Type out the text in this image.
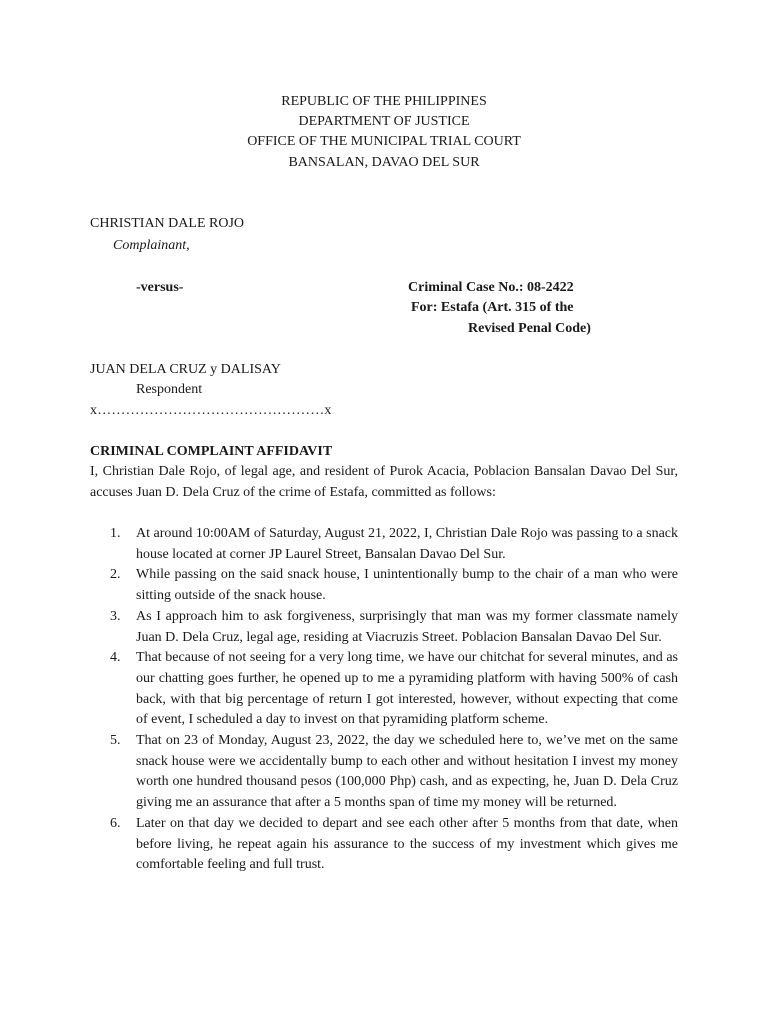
REPUBLIC OF THE PHILIPPINES
DEPARTMENT OF JUSTICE
OFFICE OF THE MUNICIPAL TRIAL COURT
BANSALAN, DAVAO DEL SUR
CHRISTIAN DALE ROJO
Complainant,
-versus-	Criminal Case No.: 08-2422
For: Estafa (Art. 315 of the
Revised Penal Code)
JUAN DELA CRUZ y DALISAY
Respondent
x…………………………………………x
CRIMINAL COMPLAINT AFFIDAVIT
I, Christian Dale Rojo, of legal age, and resident of Purok Acacia, Poblacion Bansalan Davao Del Sur, accuses Juan D. Dela Cruz of the crime of Estafa, committed as follows:
1. At around 10:00AM of Saturday, August 21, 2022, I, Christian Dale Rojo was passing to a snack house located at corner JP Laurel Street, Bansalan Davao Del Sur.
2. While passing on the said snack house, I unintentionally bump to the chair of a man who were sitting outside of the snack house.
3. As I approach him to ask forgiveness, surprisingly that man was my former classmate namely Juan D. Dela Cruz, legal age, residing at Viacruzis Street. Poblacion Bansalan Davao Del Sur.
4. That because of not seeing for a very long time, we have our chitchat for several minutes, and as our chatting goes further, he opened up to me a pyramiding platform with having 500% of cash back, with that big percentage of return I got interested, however, without expecting that come of event, I scheduled a day to invest on that pyramiding platform scheme.
5. That on 23 of Monday, August 23, 2022, the day we scheduled here to, we’ve met on the same snack house were we accidentally bump to each other and without hesitation I invest my money worth one hundred thousand pesos (100,000 Php) cash, and as expecting, he, Juan D. Dela Cruz giving me an assurance that after a 5 months span of time my money will be returned.
6. Later on that day we decided to depart and see each other after 5 months from that date, when before living, he repeat again his assurance to the success of my investment which gives me comfortable feeling and full trust.
